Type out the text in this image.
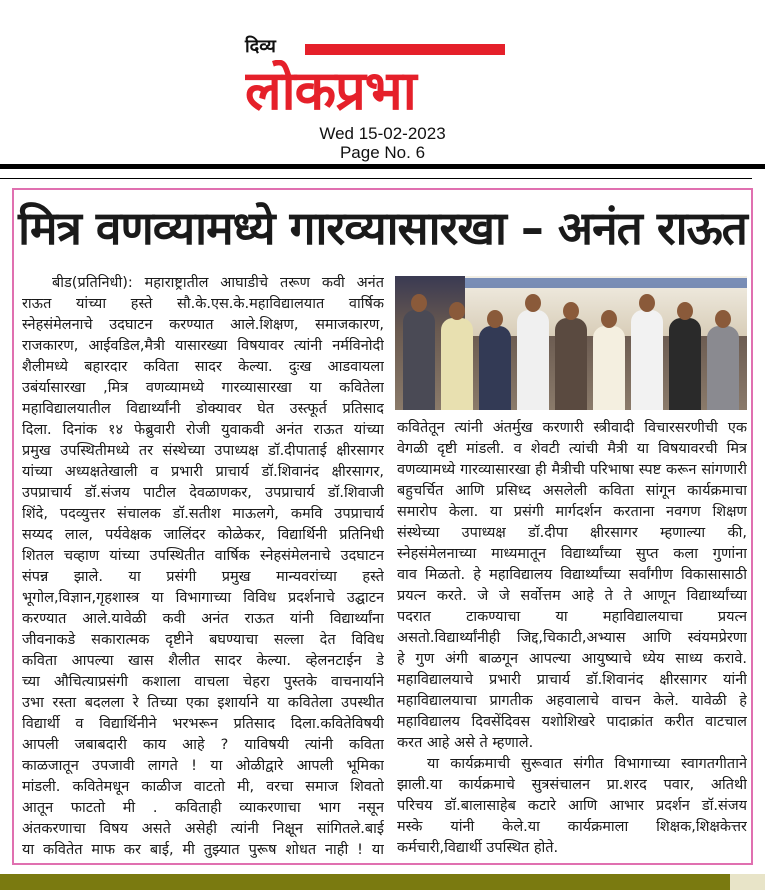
दिव्य
लोकप्रभा
Wed 15-02-2023
Page No. 6
मित्र वणव्यामध्ये गारव्यासारखा – अनंत राऊत
बीड(प्रतिनिधी): महाराष्ट्रातील आघाडीचे तरूण कवी अनंत
राऊत यांच्या हस्ते सौ.के.एस.के.महाविद्यालयात वार्षिक
स्नेहसंमेलनाचे उदघाटन करण्यात आले.शिक्षण, समाजकारण,
राजकारण, आईवडिल,मैत्री यासारख्या विषयावर त्यांनी नर्मविनोदी
शैलीमध्ये बहारदार कविता सादर केल्या. दुःख आडवायला
उबंर्यासारखा ,मित्र वणव्यामध्ये गारव्यासारखा या कवितेला
महाविद्यालयातील विद्यार्थ्यांनी डोक्यावर घेत उस्त्फूर्त प्रतिसाद
दिला. दिनांक १४ फेब्रुवारी रोजी युवाकवी अनंत राऊत यांच्या
प्रमुख उपस्थितीमध्ये तर संस्थेच्या उपाध्यक्ष डॉ.दीपाताई क्षीरसागर
यांच्या अध्यक्षतेखाली व प्रभारी प्राचार्य डॉ.शिवानंद क्षीरसागर,
उपप्राचार्य डॉ.संजय पाटील देवळाणकर, उपप्राचार्य डॉ.शिवाजी
शिंदे, पदव्युत्तर संचालक डॉ.सतीश माऊलगे, कमवि उपप्राचार्य
सय्यद लाल, पर्यवेक्षक जालिंदर कोळेकर, विद्यार्थिनी प्रतिनिधी
शितल चव्हाण यांच्या उपस्थितीत वार्षिक स्नेहसंमेलनाचे उदघाटन
संपन्न झाले. या प्रसंगी प्रमुख मान्यवरांच्या हस्ते
भूगोल,विज्ञान,गृहशास्त्र या विभागाच्या विविध प्रदर्शनाचे उद्घाटन
करण्यात आले.यावेळी कवी अनंत राऊत यांनी विद्यार्थ्यांना
जीवनाकडे सकारात्मक दृष्टीने बघण्याचा सल्ला देत विविध
कविता आपल्या खास शैलीत सादर केल्या. व्हेलनटाईन डे
च्या औचित्याप्रसंगी कशाला वाचला चेहरा पुस्तके वाचनार्याने
उभा रस्ता बदलला रे तिच्या एका इशार्याने या कवितेला उपस्थीत
विद्यार्थी व विद्यार्थिनीने भरभरून प्रतिसाद दिला.कवितेविषयी
आपली जबाबदारी काय आहे ? याविषयी त्यांनी कविता
काळजातून उपजावी लागते ! या ओळीद्वारे आपली भूमिका
मांडली. कवितेमधून काळीज वाटतो मी, वरचा समाज शिवतो
आतून फाटतो मी . कविताही व्याकरणाचा भाग नसून
अंतकरणाचा विषय असते असेही त्यांनी निक्षून सांगितले.बाई
या कवितेत माफ कर बाई, मी तुझ्यात पुरूष शोधत नाही ! या
कवितेतून त्यांनी अंतर्मुख करणारी स्त्रीवादी विचारसरणीची एक
वेगळी दृष्टी मांडली. व शेवटी त्यांची मैत्री या विषयावरची मित्र
वणव्यामध्ये गारव्यासारखा ही मैत्रीची परिभाषा स्पष्ट करून सांगणारी
बहुचर्चित आणि प्रसिध्द असलेली कविता सांगून कार्यक्रमाचा
समारोप केला. या प्रसंगी मार्गदर्शन करताना नवगण शिक्षण
संस्थेच्या उपाध्यक्ष डॉ.दीपा क्षीरसागर म्हणाल्या की,
स्नेहसंमेलनाच्या माध्यमातून विद्यार्थ्यांच्या सुप्त कला गुणांना
वाव मिळतो. हे महाविद्यालय विद्यार्थ्यांच्या सर्वांगीण विकासासाठी
प्रयत्न करते. जे जे सर्वोत्तम आहे ते ते आणून विद्यार्थ्यांच्या
पदरात टाकण्याचा या महाविद्यालयाचा प्रयत्न
असतो.विद्यार्थ्यांनीही जिद्द,चिकाटी,अभ्यास आणि स्वंयमप्रेरणा
हे गुण अंगी बाळगून आपल्या आयुष्याचे ध्येय साध्य करावे.
महाविद्यालयाचे प्रभारी प्राचार्य डॉ.शिवानंद क्षीरसागर यांनी
महाविद्यालयाचा प्रागतीक अहवालाचे वाचन केले. यावेळी हे
महाविद्यालय दिवसेंदिवस यशोशिखरे पादाक्रांत करीत वाटचाल
करत आहे असे ते म्हणाले.
या कार्यक्रमाची सुरूवात संगीत विभागाच्या स्वागतगीताने
झाली.या कार्यक्रमाचे सुत्रसंचालन प्रा.शरद पवार, अतिथी
परिचय डॉ.बालासाहेब कटारे आणि आभार प्रदर्शन डॉ.संजय
मस्के यांनी केले.या कार्यक्रमाला शिक्षक,शिक्षकेत्तर
कर्मचारी,विद्यार्थी उपस्थित होते.
